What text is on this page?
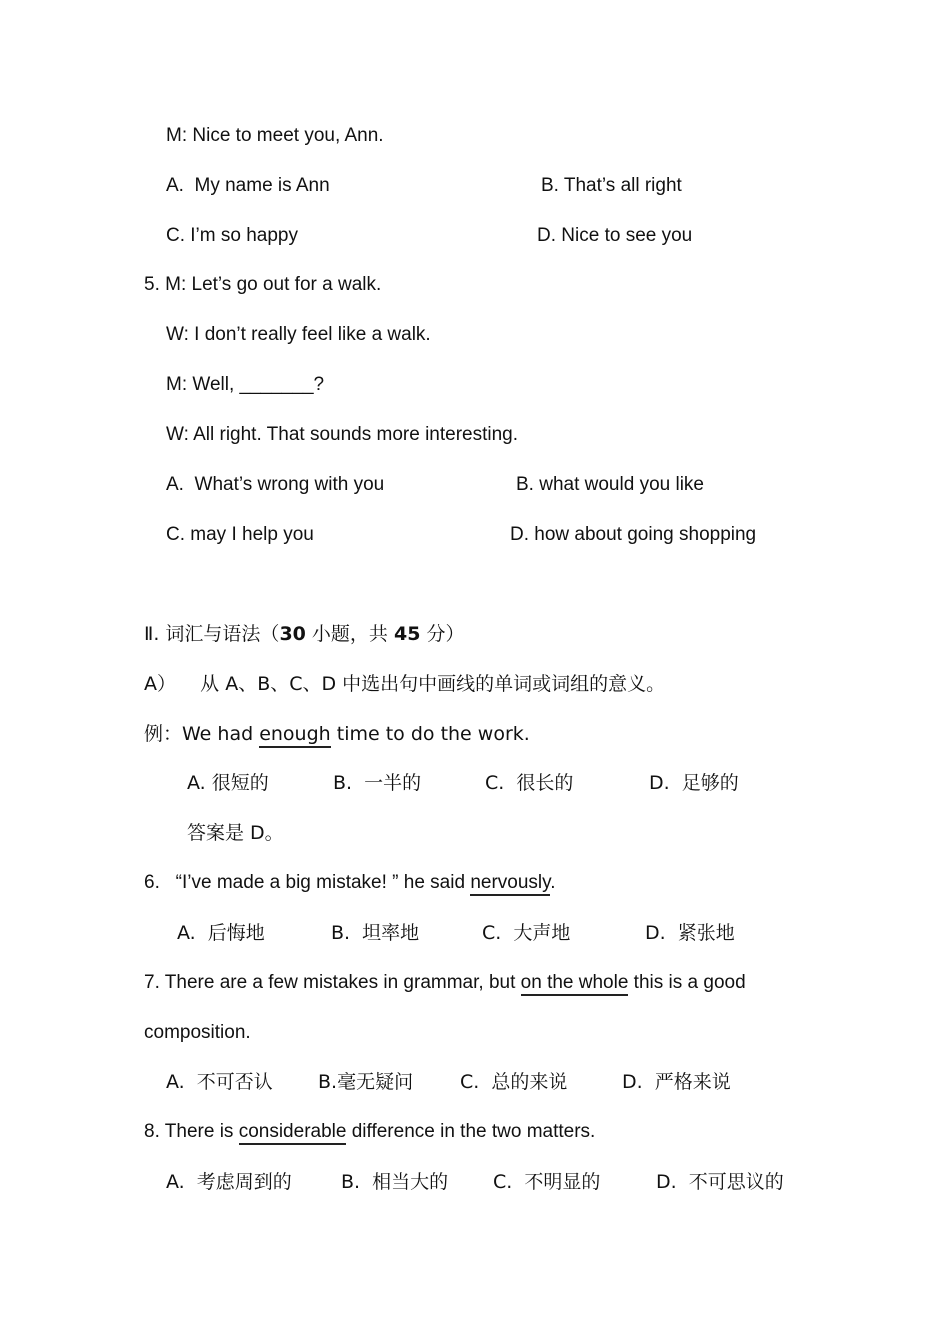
M: Nice to meet you, Ann.
A.  My name is Ann	B. That’s all right
C. I’m so happy	D. Nice to see you
5. M: Let’s go out for a walk.
W: I don’t really feel like a walk.
M: Well, _______?
W: All right. That sounds more interesting.
A.  What’s wrong with you	B. what would you like
C. may I help you	D. how about going shopping
Ⅱ. 词汇与语法（30 小题，共 45 分）
A）    从 A、B、C、D 中选出句中画线的单词或词组的意义。
例：We had enough time to do the work.
A. 很短的	B.  一半的	C.  很长的	D.  足够的
答案是 D。
6.   “I’ve made a big mistake! ” he said nervously.
A.  后悔地	B.  坦率地	C.  大声地	D.  紧张地
7. There are a few mistakes in grammar, but on the whole this is a good
composition.
A.  不可否认 B.毫无疑问 C.  总的来说	D.  严格来说
8. There is considerable difference in the two matters.
A.  考虑周到的	B.  相当大的 C.  不明显的	D.  不可思议的
